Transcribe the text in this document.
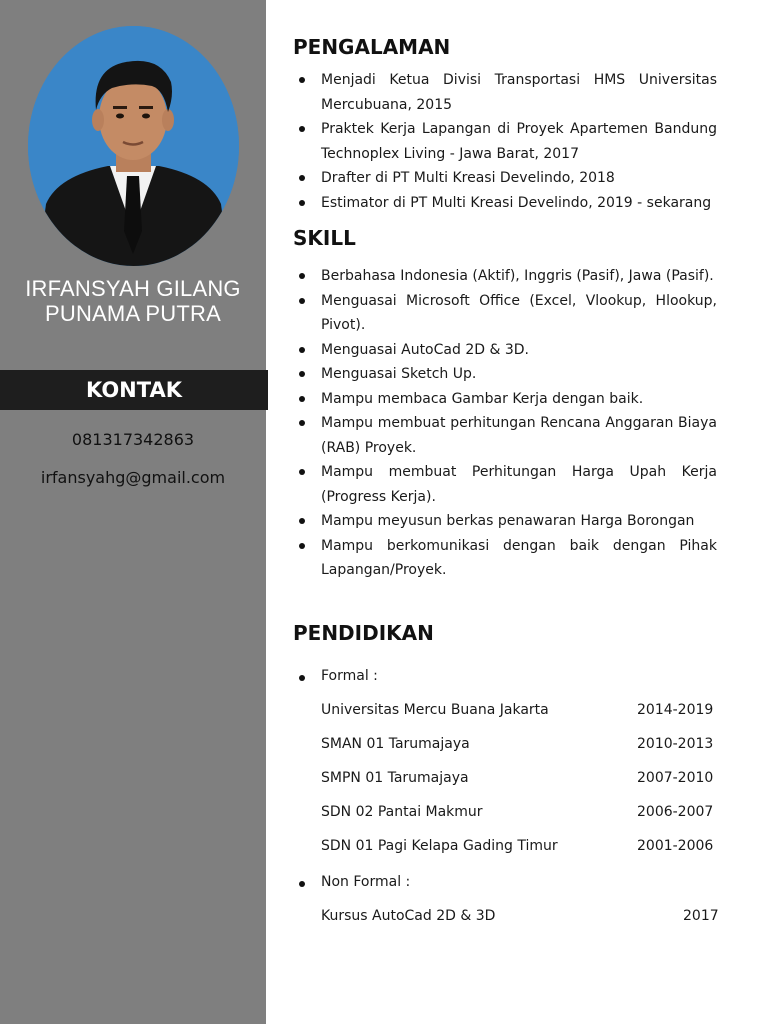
IRFANSYAH GILANG
PUNAMA PUTRA
KONTAK
081317342863
irfansyahg@gmail.com
PENGALAMAN
Menjadi Ketua Divisi Transportasi HMS Universitas Mercubuana, 2015
Praktek Kerja Lapangan di Proyek Apartemen Bandung Technoplex Living - Jawa Barat, 2017
Drafter di PT Multi Kreasi Develindo, 2018
Estimator di PT Multi Kreasi Develindo, 2019 - sekarang
SKILL
Berbahasa Indonesia (Aktif), Inggris (Pasif), Jawa (Pasif).
Menguasai Microsoft Office (Excel, Vlookup, Hlookup, Pivot).
Menguasai AutoCad 2D & 3D.
Menguasai Sketch Up.
Mampu membaca Gambar Kerja dengan baik.
Mampu membuat perhitungan Rencana Anggaran Biaya (RAB) Proyek.
Mampu membuat Perhitungan Harga Upah Kerja (Progress Kerja).
Mampu meyusun berkas penawaran Harga Borongan
Mampu berkomunikasi dengan baik dengan Pihak Lapangan/Proyek.
PENDIDIKAN
Formal :
Universitas Mercu Buana Jakarta	2014-2019
SMAN 01 Tarumajaya	2010-2013
SMPN 01 Tarumajaya	2007-2010
SDN 02 Pantai Makmur	2006-2007
SDN 01 Pagi Kelapa Gading Timur	2001-2006
Non Formal :
Kursus AutoCad 2D & 3D	2017
